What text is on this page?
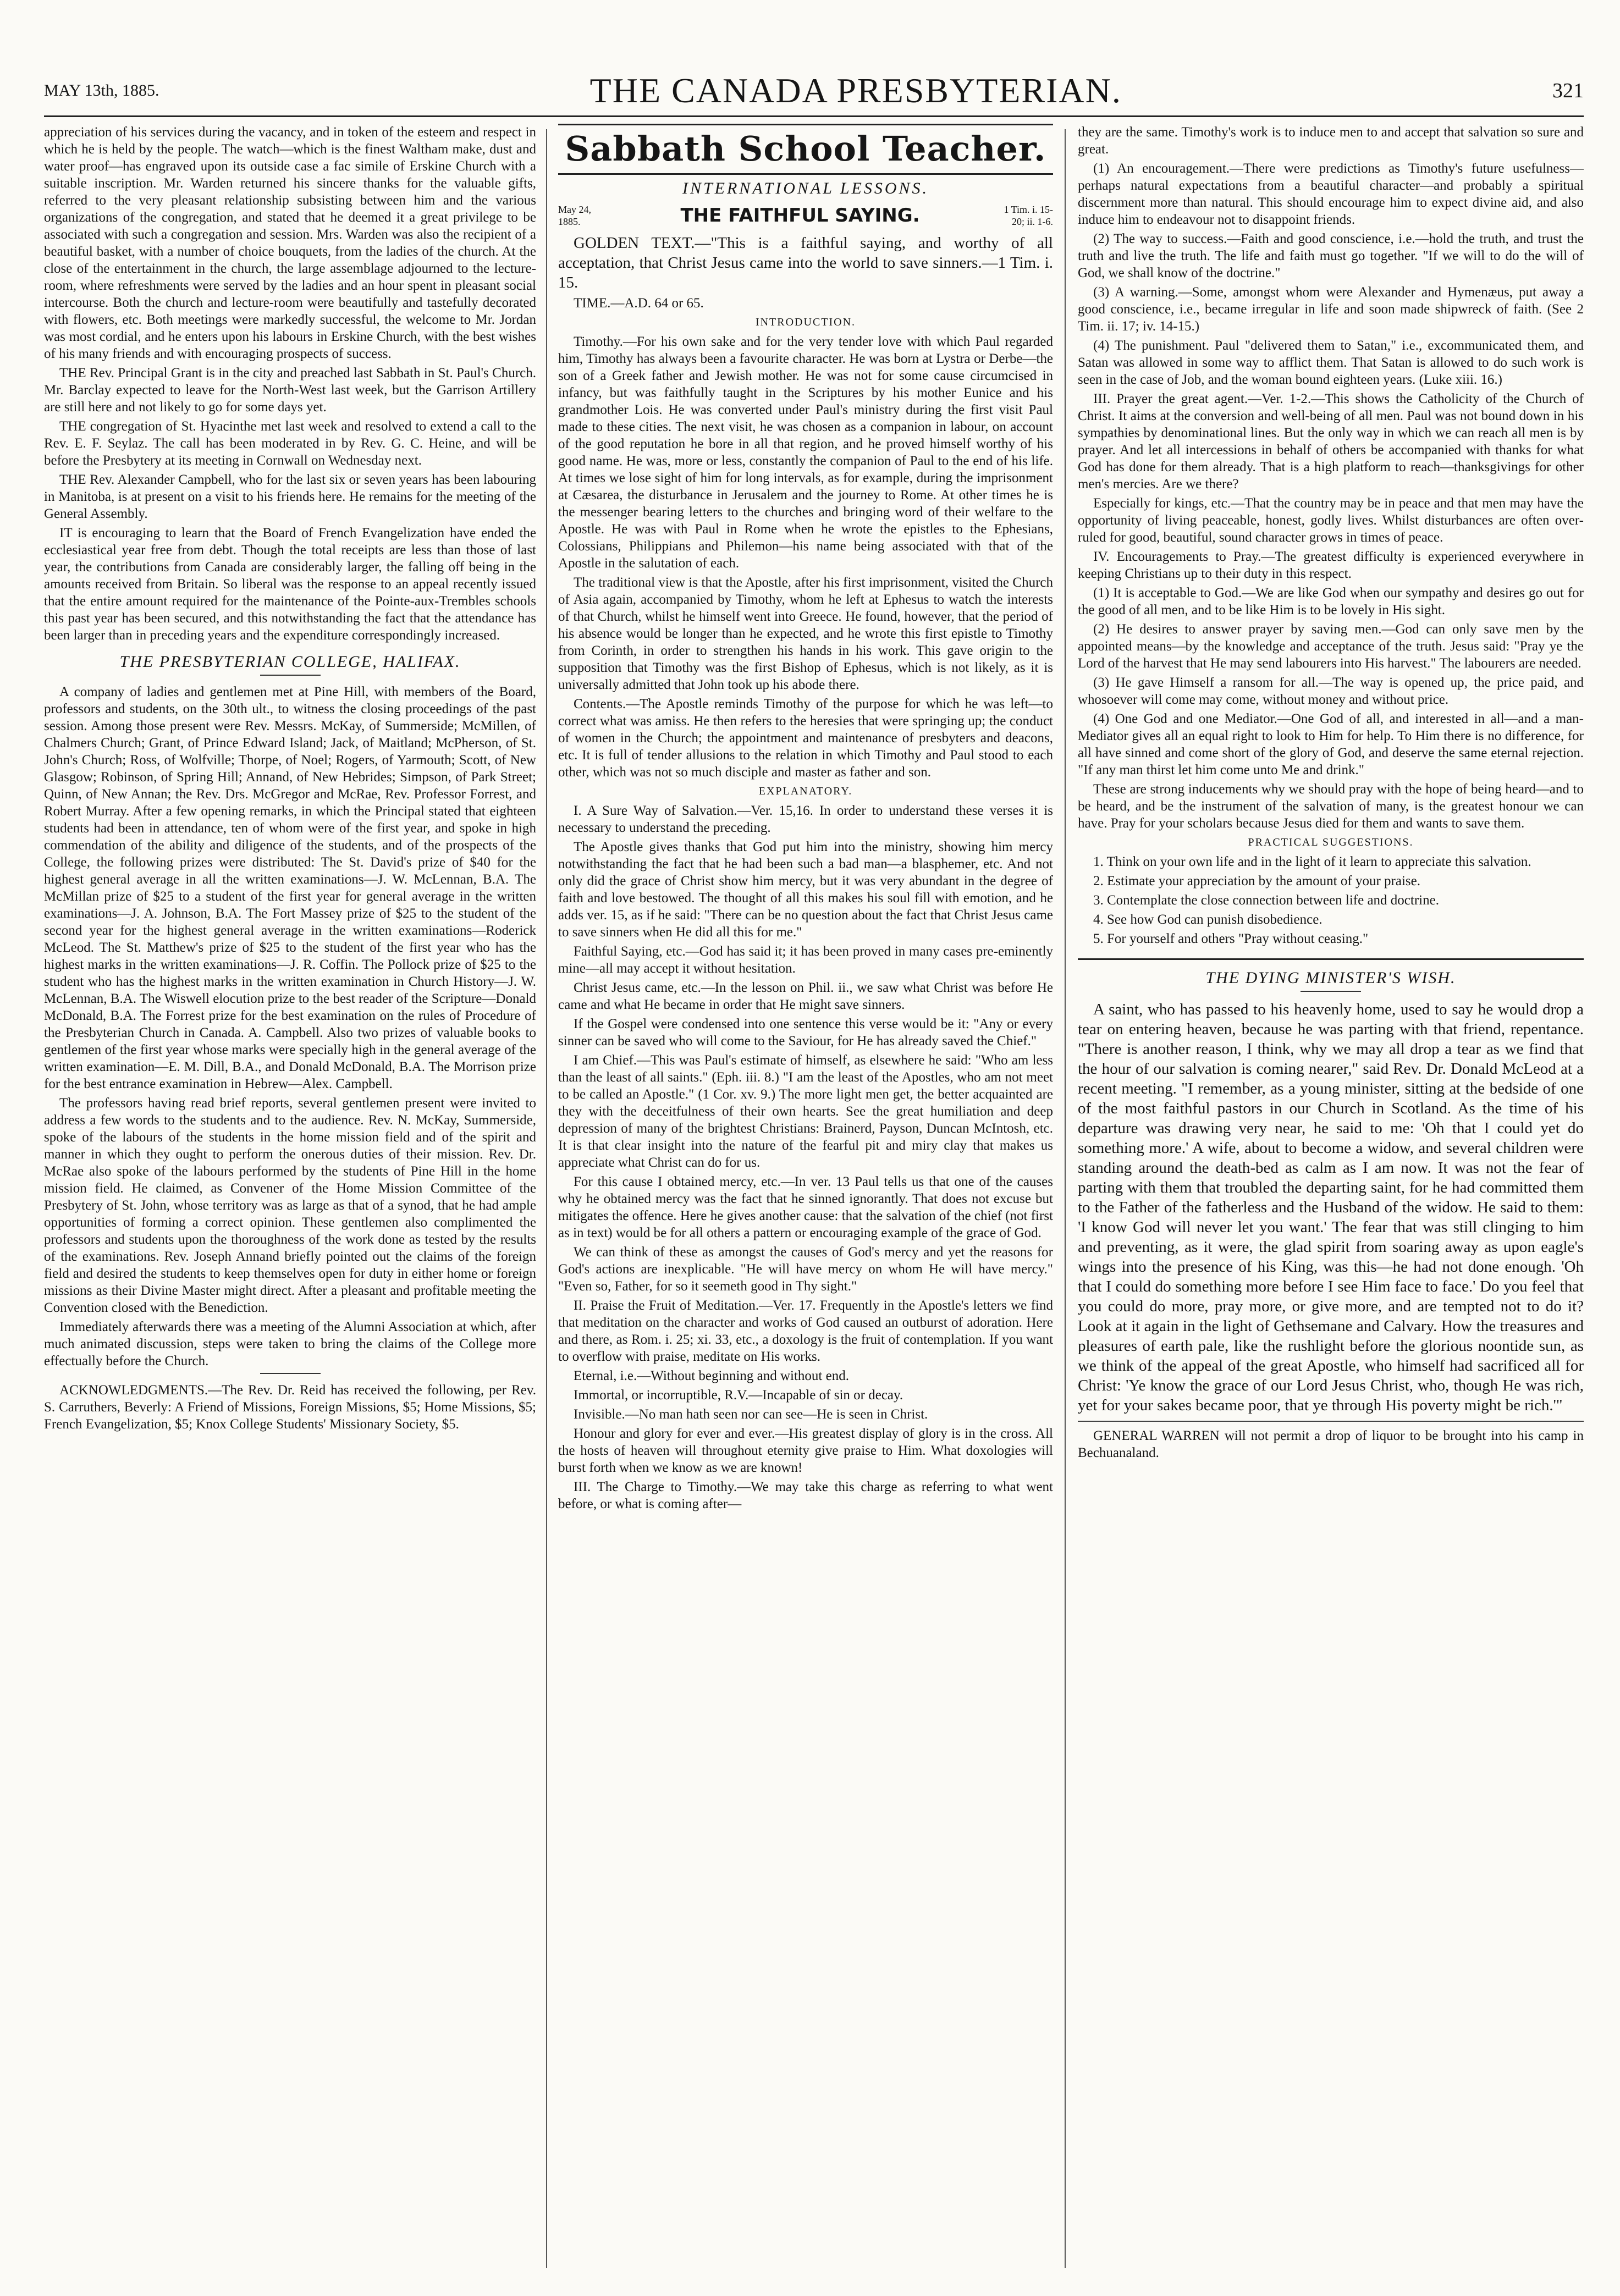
MAY 13th, 1885.	THE CANADA PRESBYTERIAN.	321

appreciation of his services during the vacancy, and in token of the esteem and respect in which he is held by the people. The watch—which is the finest Waltham make, dust and water proof—has engraved upon its outside case a fac simile of Erskine Church with a suitable inscription. Mr. Warden returned his sincere thanks for the valuable gifts, referred to the very pleasant relationship subsisting between him and the various organizations of the congregation, and stated that he deemed it a great privilege to be associated with such a congregation and session. Mrs. Warden was also the recipient of a beautiful basket, with a number of choice bouquets, from the ladies of the church. At the close of the entertainment in the church, the large assemblage adjourned to the lecture-room, where refreshments were served by the ladies and an hour spent in pleasant social intercourse. Both the church and lecture-room were beautifully and tastefully decorated with flowers, etc. Both meetings were markedly successful, the welcome to Mr. Jordan was most cordial, and he enters upon his labours in Erskine Church, with the best wishes of his many friends and with encouraging prospects of success.

THE Rev. Principal Grant is in the city and preached last Sabbath in St. Paul's Church. Mr. Barclay expected to leave for the North-West last week, but the Garrison Artillery are still here and not likely to go for some days yet.

THE congregation of St. Hyacinthe met last week and resolved to extend a call to the Rev. E. F. Seylaz. The call has been moderated in by Rev. G. C. Heine, and will be before the Presbytery at its meeting in Cornwall on Wednesday next.

THE Rev. Alexander Campbell, who for the last six or seven years has been labouring in Manitoba, is at present on a visit to his friends here. He remains for the meeting of the General Assembly.

IT is encouraging to learn that the Board of French Evangelization have ended the ecclesiastical year free from debt. Though the total receipts are less than those of last year, the contributions from Canada are considerably larger, the falling off being in the amounts received from Britain. So liberal was the response to an appeal recently issued that the entire amount required for the maintenance of the Pointe-aux-Trembles schools this past year has been secured, and this notwithstanding the fact that the attendance has been larger than in preceding years and the expenditure correspondingly increased.

THE PRESBYTERIAN COLLEGE, HALIFAX.

A company of ladies and gentlemen met at Pine Hill, with members of the Board, professors and students, on the 30th ult., to witness the closing proceedings of the past session. Among those present were Rev. Messrs. McKay, of Summerside; McMillen, of Chalmers Church; Grant, of Prince Edward Island; Jack, of Maitland; McPherson, of St. John's Church; Ross, of Wolfville; Thorpe, of Noel; Rogers, of Yarmouth; Scott, of New Glasgow; Robinson, of Spring Hill; Annand, of New Hebrides; Simpson, of Park Street; Quinn, of New Annan; the Rev. Drs. McGregor and McRae, Rev. Professor Forrest, and Robert Murray. After a few opening remarks, in which the Principal stated that eighteen students had been in attendance, ten of whom were of the first year, and spoke in high commendation of the ability and diligence of the students, and of the prospects of the College, the following prizes were distributed: The St. David's prize of $40 for the highest general average in all the written examinations—J. W. McLennan, B.A. The McMillan prize of $25 to a student of the first year for general average in the written examinations—J. A. Johnson, B.A. The Fort Massey prize of $25 to the student of the second year for the highest general average in the written examinations—Roderick McLeod. The St. Matthew's prize of $25 to the student of the first year who has the highest marks in the written examinations—J. R. Coffin. The Pollock prize of $25 to the student who has the highest marks in the written examination in Church History—J. W. McLennan, B.A. The Wiswell elocution prize to the best reader of the Scripture—Donald McDonald, B.A. The Forrest prize for the best examination on the rules of Procedure of the Presbyterian Church in Canada. A. Campbell. Also two prizes of valuable books to gentlemen of the first year whose marks were specially high in the general average of the written examination—E. M. Dill, B.A., and Donald McDonald, B.A. The Morrison prize for the best entrance examination in Hebrew—Alex. Campbell.

The professors having read brief reports, several gentlemen present were invited to address a few words to the students and to the audience. Rev. N. McKay, Summerside, spoke of the labours of the students in the home mission field and of the spirit and manner in which they ought to perform the onerous duties of their mission. Rev. Dr. McRae also spoke of the labours performed by the students of Pine Hill in the home mission field. He claimed, as Convener of the Home Mission Committee of the Presbytery of St. John, whose territory was as large as that of a synod, that he had ample opportunities of forming a correct opinion. These gentlemen also complimented the professors and students upon the thoroughness of the work done as tested by the results of the examinations. Rev. Joseph Annand briefly pointed out the claims of the foreign field and desired the students to keep themselves open for duty in either home or foreign missions as their Divine Master might direct. After a pleasant and profitable meeting the Convention closed with the Benediction.

Immediately afterwards there was a meeting of the Alumni Association at which, after much animated discussion, steps were taken to bring the claims of the College more effectually before the Church.

ACKNOWLEDGMENTS.—The Rev. Dr. Reid has received the following, per Rev. S. Carruthers, Beverly: A Friend of Missions, Foreign Missions, $5; Home Missions, $5; French Evangelization, $5; Knox College Students' Missionary Society, $5.

Sabbath School Teacher.
INTERNATIONAL LESSONS.
May 24, 1885.	THE FAITHFUL SAYING.	1 Tim. i. 15-20; ii. 1-6.

GOLDEN TEXT.—"This is a faithful saying, and worthy of all acceptation, that Christ Jesus came into the world to save sinners.—1 Tim. i. 15.

TIME.—A.D. 64 or 65.

INTRODUCTION.

Timothy.—For his own sake and for the very tender love with which Paul regarded him, Timothy has always been a favourite character. He was born at Lystra or Derbe—the son of a Greek father and Jewish mother. He was not for some cause circumcised in infancy, but was faithfully taught in the Scriptures by his mother Eunice and his grandmother Lois. He was converted under Paul's ministry during the first visit Paul made to these cities. The next visit, he was chosen as a companion in labour, on account of the good reputation he bore in all that region, and he proved himself worthy of his good name. He was, more or less, constantly the companion of Paul to the end of his life. At times we lose sight of him for long intervals, as for example, during the imprisonment at Cæsarea, the disturbance in Jerusalem and the journey to Rome. At other times he is the messenger bearing letters to the churches and bringing word of their welfare to the Apostle. He was with Paul in Rome when he wrote the epistles to the Ephesians, Colossians, Philippians and Philemon—his name being associated with that of the Apostle in the salutation of each.

The traditional view is that the Apostle, after his first imprisonment, visited the Church of Asia again, accompanied by Timothy, whom he left at Ephesus to watch the interests of that Church, whilst he himself went into Greece. He found, however, that the period of his absence would be longer than he expected, and he wrote this first epistle to Timothy from Corinth, in order to strengthen his hands in his work. This gave origin to the supposition that Timothy was the first Bishop of Ephesus, which is not likely, as it is universally admitted that John took up his abode there.

Contents.—The Apostle reminds Timothy of the purpose for which he was left—to correct what was amiss. He then refers to the heresies that were springing up; the conduct of women in the Church; the appointment and maintenance of presbyters and deacons, etc. It is full of tender allusions to the relation in which Timothy and Paul stood to each other, which was not so much disciple and master as father and son.

EXPLANATORY.

I. A Sure Way of Salvation.—Ver. 15,16. In order to understand these verses it is necessary to understand the preceding.

The Apostle gives thanks that God put him into the ministry, showing him mercy notwithstanding the fact that he had been such a bad man—a blasphemer, etc. And not only did the grace of Christ show him mercy, but it was very abundant in the degree of faith and love bestowed. The thought of all this makes his soul fill with emotion, and he adds ver. 15, as if he said: "There can be no question about the fact that Christ Jesus came to save sinners when He did all this for me."

Faithful Saying, etc.—God has said it; it has been proved in many cases pre-eminently mine—all may accept it without hesitation.

Christ Jesus came, etc.—In the lesson on Phil. ii., we saw what Christ was before He came and what He became in order that He might save sinners.

If the Gospel were condensed into one sentence this verse would be it: "Any or every sinner can be saved who will come to the Saviour, for He has already saved the Chief."

I am Chief.—This was Paul's estimate of himself, as elsewhere he said: "Who am less than the least of all saints." (Eph. iii. 8.) "I am the least of the Apostles, who am not meet to be called an Apostle." (1 Cor. xv. 9.) The more light men get, the better acquainted are they with the deceitfulness of their own hearts. See the great humiliation and deep depression of many of the brightest Christians: Brainerd, Payson, Duncan McIntosh, etc. It is that clear insight into the nature of the fearful pit and miry clay that makes us appreciate what Christ can do for us.

For this cause I obtained mercy, etc.—In ver. 13 Paul tells us that one of the causes why he obtained mercy was the fact that he sinned ignorantly. That does not excuse but mitigates the offence. Here he gives another cause: that the salvation of the chief (not first as in text) would be for all others a pattern or encouraging example of the grace of God.

We can think of these as amongst the causes of God's mercy and yet the reasons for God's actions are inexplicable. "He will have mercy on whom He will have mercy." "Even so, Father, for so it seemeth good in Thy sight."

II. Praise the Fruit of Meditation.—Ver. 17. Frequently in the Apostle's letters we find that meditation on the character and works of God caused an outburst of adoration. Here and there, as Rom. i. 25; xi. 33, etc., a doxology is the fruit of contemplation. If you want to overflow with praise, meditate on His works.

Eternal, i.e.—Without beginning and without end.

Immortal, or incorruptible, R.V.—Incapable of sin or decay.

Invisible.—No man hath seen nor can see—He is seen in Christ.

Honour and glory for ever and ever.—His greatest display of glory is in the cross. All the hosts of heaven will throughout eternity give praise to Him. What doxologies will burst forth when we know as we are known!

III. The Charge to Timothy.—We may take this charge as referring to what went before, or what is coming after—

they are the same. Timothy's work is to induce men to and accept that salvation so sure and great.

(1) An encouragement.—There were predictions as Timothy's future usefulness—perhaps natural expectations from a beautiful character—and probably a spiritual discernment more than natural. This should encourage him to expect divine aid, and also induce him to endeavour not to disappoint friends.

(2) The way to success.—Faith and good conscience, i.e.—hold the truth, and trust the truth and live the truth. The life and faith must go together. "If we will to do the will of God, we shall know of the doctrine."

(3) A warning.—Some, amongst whom were Alexander and Hymenæus, put away a good conscience, i.e., became irregular in life and soon made shipwreck of faith. (See 2 Tim. ii. 17; iv. 14-15.)

(4) The punishment. Paul "delivered them to Satan," i.e., excommunicated them, and Satan was allowed in some way to afflict them. That Satan is allowed to do such work is seen in the case of Job, and the woman bound eighteen years. (Luke xiii. 16.)

III. Prayer the great agent.—Ver. 1-2.—This shows the Catholicity of the Church of Christ. It aims at the conversion and well-being of all men. Paul was not bound down in his sympathies by denominational lines. But the only way in which we can reach all men is by prayer. And let all intercessions in behalf of others be accompanied with thanks for what God has done for them already. That is a high platform to reach—thanksgivings for other men's mercies. Are we there?

Especially for kings, etc.—That the country may be in peace and that men may have the opportunity of living peaceable, honest, godly lives. Whilst disturbances are often over-ruled for good, beautiful, sound character grows in times of peace.

IV. Encouragements to Pray.—The greatest difficulty is experienced everywhere in keeping Christians up to their duty in this respect.

(1) It is acceptable to God.—We are like God when our sympathy and desires go out for the good of all men, and to be like Him is to be lovely in His sight.

(2) He desires to answer prayer by saving men.—God can only save men by the appointed means—by the knowledge and acceptance of the truth. Jesus said: "Pray ye the Lord of the harvest that He may send labourers into His harvest." The labourers are needed.

(3) He gave Himself a ransom for all.—The way is opened up, the price paid, and whosoever will come may come, without money and without price.

(4) One God and one Mediator.—One God of all, and interested in all—and a man-Mediator gives all an equal right to look to Him for help. To Him there is no difference, for all have sinned and come short of the glory of God, and deserve the same eternal rejection. "If any man thirst let him come unto Me and drink."

These are strong inducements why we should pray with the hope of being heard—and to be heard, and be the instrument of the salvation of many, is the greatest honour we can have. Pray for your scholars because Jesus died for them and wants to save them.

PRACTICAL SUGGESTIONS.
1. Think on your own life and in the light of it learn to appreciate this salvation.
2. Estimate your appreciation by the amount of your praise.
3. Contemplate the close connection between life and doctrine.
4. See how God can punish disobedience.
5. For yourself and others "Pray without ceasing."
THE DYING MINISTER'S WISH.

A saint, who has passed to his heavenly home, used to say he would drop a tear on entering heaven, because he was parting with that friend, repentance. "There is another reason, I think, why we may all drop a tear as we find that the hour of our salvation is coming nearer," said Rev. Dr. Donald McLeod at a recent meeting. "I remember, as a young minister, sitting at the bedside of one of the most faithful pastors in our Church in Scotland. As the time of his departure was drawing very near, he said to me: 'Oh that I could yet do something more.' A wife, about to become a widow, and several children were standing around the death-bed as calm as I am now. It was not the fear of parting with them that troubled the departing saint, for he had committed them to the Father of the fatherless and the Husband of the widow. He said to them: 'I know God will never let you want.' The fear that was still clinging to him and preventing, as it were, the glad spirit from soaring away as upon eagle's wings into the presence of his King, was this—he had not done enough. 'Oh that I could do something more before I see Him face to face.' Do you feel that you could do more, pray more, or give more, and are tempted not to do it? Look at it again in the light of Gethsemane and Calvary. How the treasures and pleasures of earth pale, like the rushlight before the glorious noontide sun, as we think of the appeal of the great Apostle, who himself had sacrificed all for Christ: 'Ye know the grace of our Lord Jesus Christ, who, though He was rich, yet for your sakes became poor, that ye through His poverty might be rich.'"

GENERAL WARREN will not permit a drop of liquor to be brought into his camp in Bechuanaland.
